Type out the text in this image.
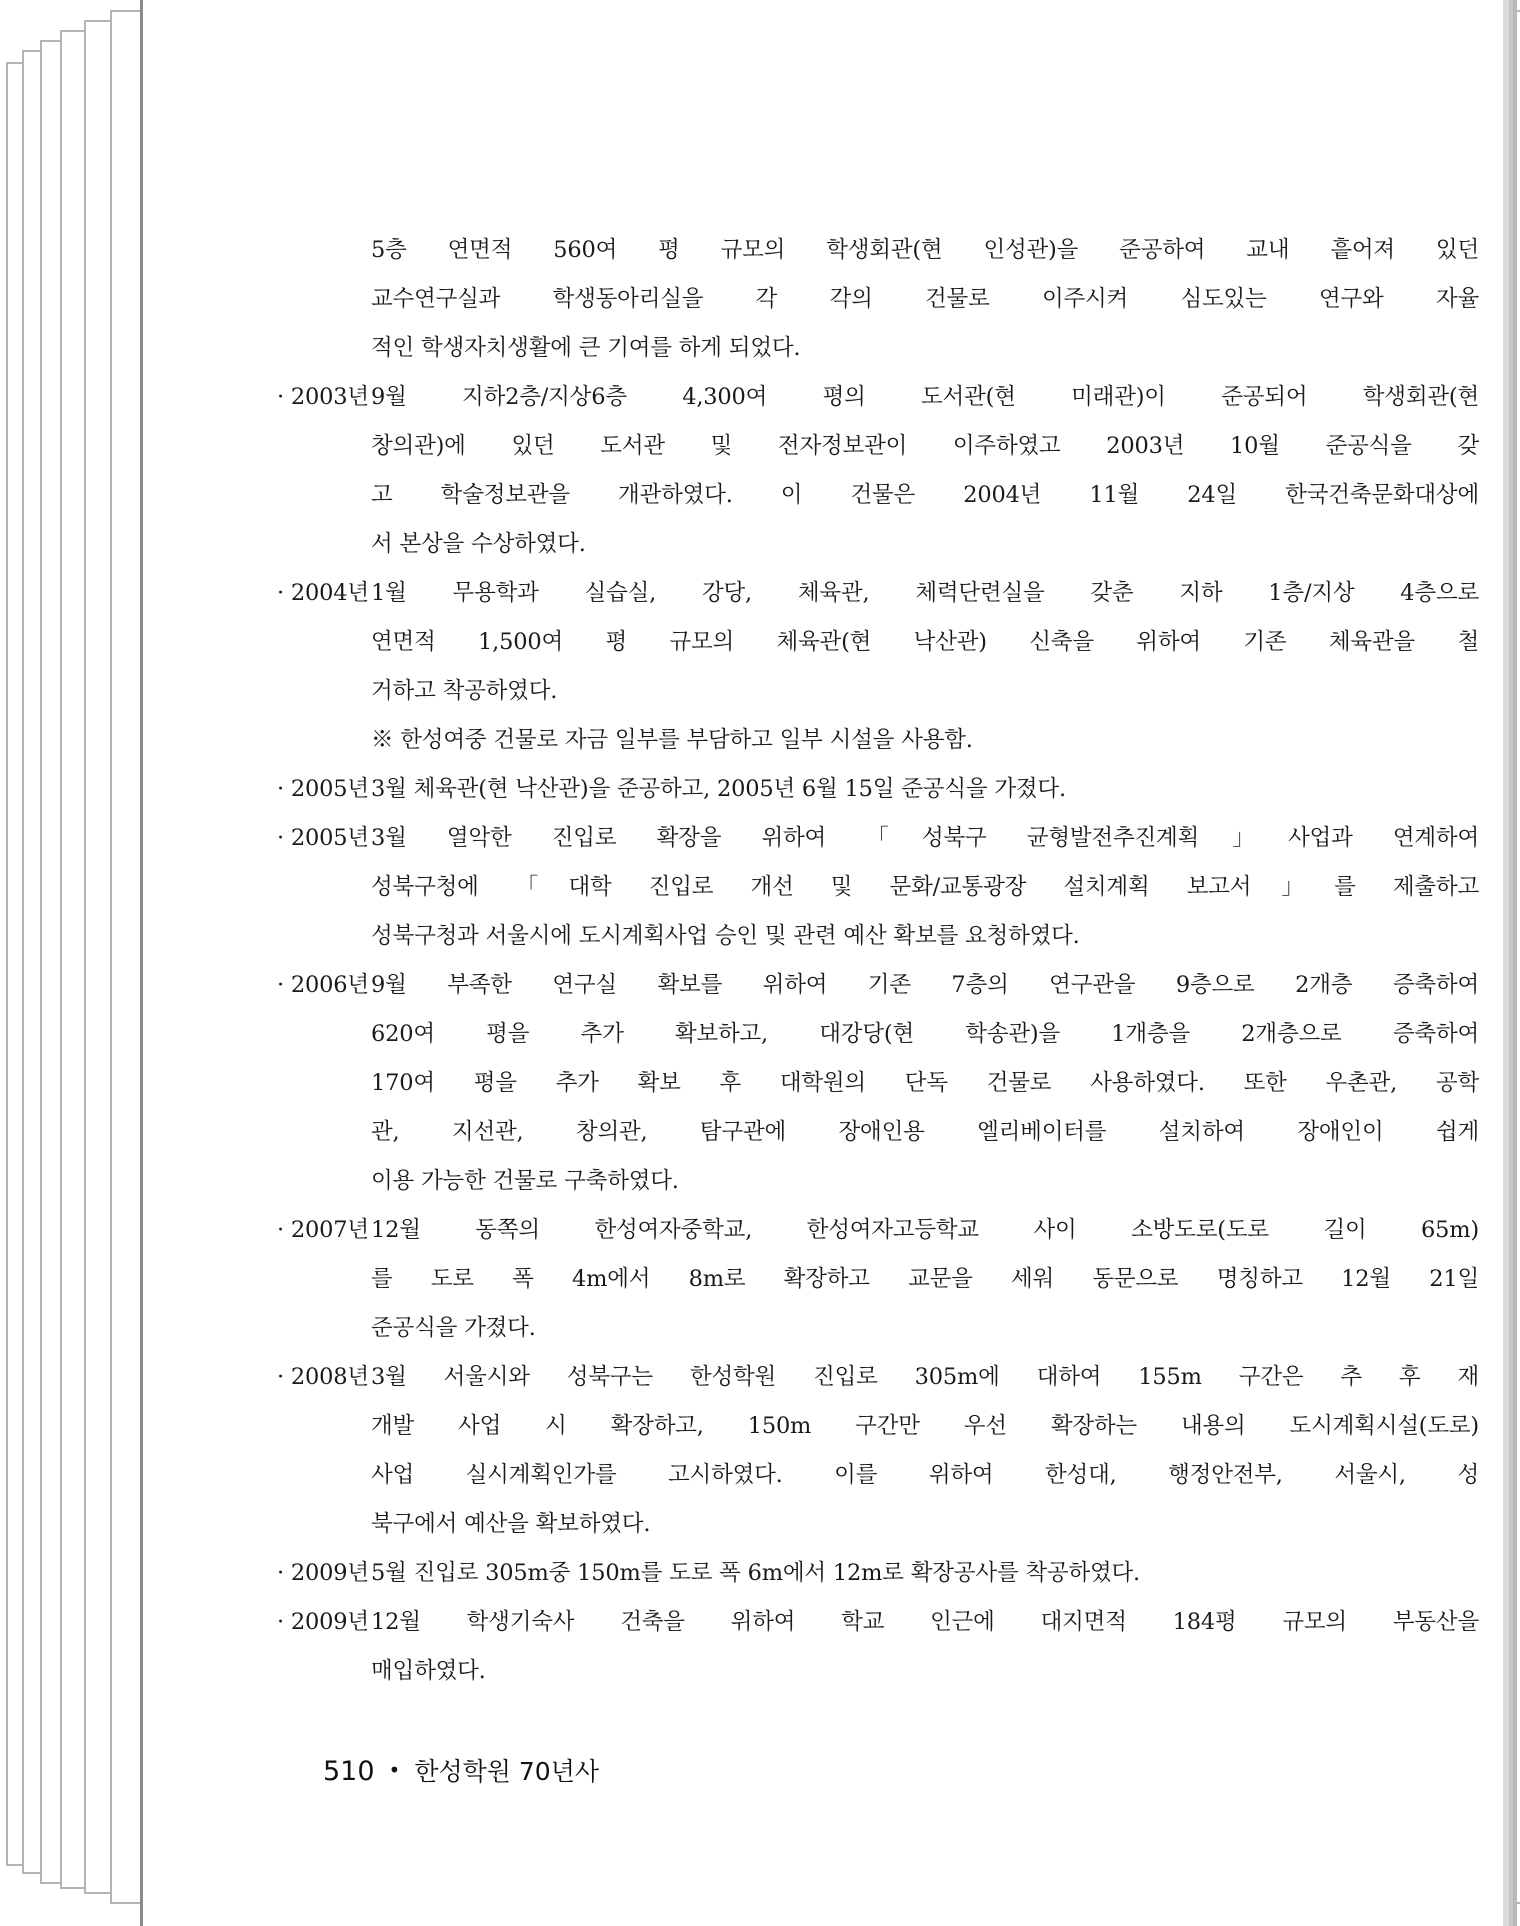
5층 연면적 560여 평 규모의 학생회관(현 인성관)을 준공하여 교내 흩어져 있던
교수연구실과 학생동아리실을 각 각의 건물로 이주시켜 심도있는 연구와 자율
적인 학생자치생활에 큰 기여를 하게 되었다.
· 2003년 9월 지하2층/지상6층 4,300여 평의 도서관(현 미래관)이 준공되어 학생회관(현
창의관)에 있던 도서관 및 전자정보관이 이주하였고 2003년 10월 준공식을 갖
고 학술정보관을 개관하였다. 이 건물은 2004년 11월 24일 한국건축문화대상에
서 본상을 수상하였다.
· 2004년 1월 무용학과 실습실, 강당, 체육관, 체력단련실을 갖춘 지하 1층/지상 4층으로
연면적 1,500여 평 규모의 체육관(현 낙산관) 신축을 위하여 기존 체육관을 철
거하고 착공하였다.
※ 한성여중 건물로 자금 일부를 부담하고 일부 시설을 사용함.
· 2005년 3월 체육관(현 낙산관)을 준공하고, 2005년 6월 15일 준공식을 가졌다.
· 2005년 3월 열악한 진입로 확장을 위하여 「성북구 균형발전추진계획」사업과 연계하여
성북구청에 「대학 진입로 개선 및 문화/교통광장 설치계획 보고서」를 제출하고
성북구청과 서울시에 도시계획사업 승인 및 관련 예산 확보를 요청하였다.
· 2006년 9월 부족한 연구실 확보를 위하여 기존 7층의 연구관을 9층으로 2개층 증축하여
620여 평을 추가 확보하고, 대강당(현 학송관)을 1개층을 2개층으로 증축하여
170여 평을 추가 확보 후 대학원의 단독 건물로 사용하였다. 또한 우촌관, 공학
관, 지선관, 창의관, 탐구관에 장애인용 엘리베이터를 설치하여 장애인이 쉽게
이용 가능한 건물로 구축하였다.
· 2007년 12월 동쪽의 한성여자중학교, 한성여자고등학교 사이 소방도로(도로 길이 65m)
를 도로 폭 4m에서 8m로 확장하고 교문을 세워 동문으로 명칭하고 12월 21일
준공식을 가졌다.
· 2008년 3월 서울시와 성북구는 한성학원 진입로 305m에 대하여 155m 구간은 추 후 재
개발 사업 시 확장하고, 150m 구간만 우선 확장하는 내용의 도시계획시설(도로)
사업 실시계획인가를 고시하였다. 이를 위하여 한성대, 행정안전부, 서울시, 성
북구에서 예산을 확보하였다.
· 2009년 5월 진입로 305m중 150m를 도로 폭 6m에서 12m로 확장공사를 착공하였다.
· 2009년 12월 학생기숙사 건축을 위하여 학교 인근에 대지면적 184평 규모의 부동산을
매입하였다.
510 • 한성학원 70년사
